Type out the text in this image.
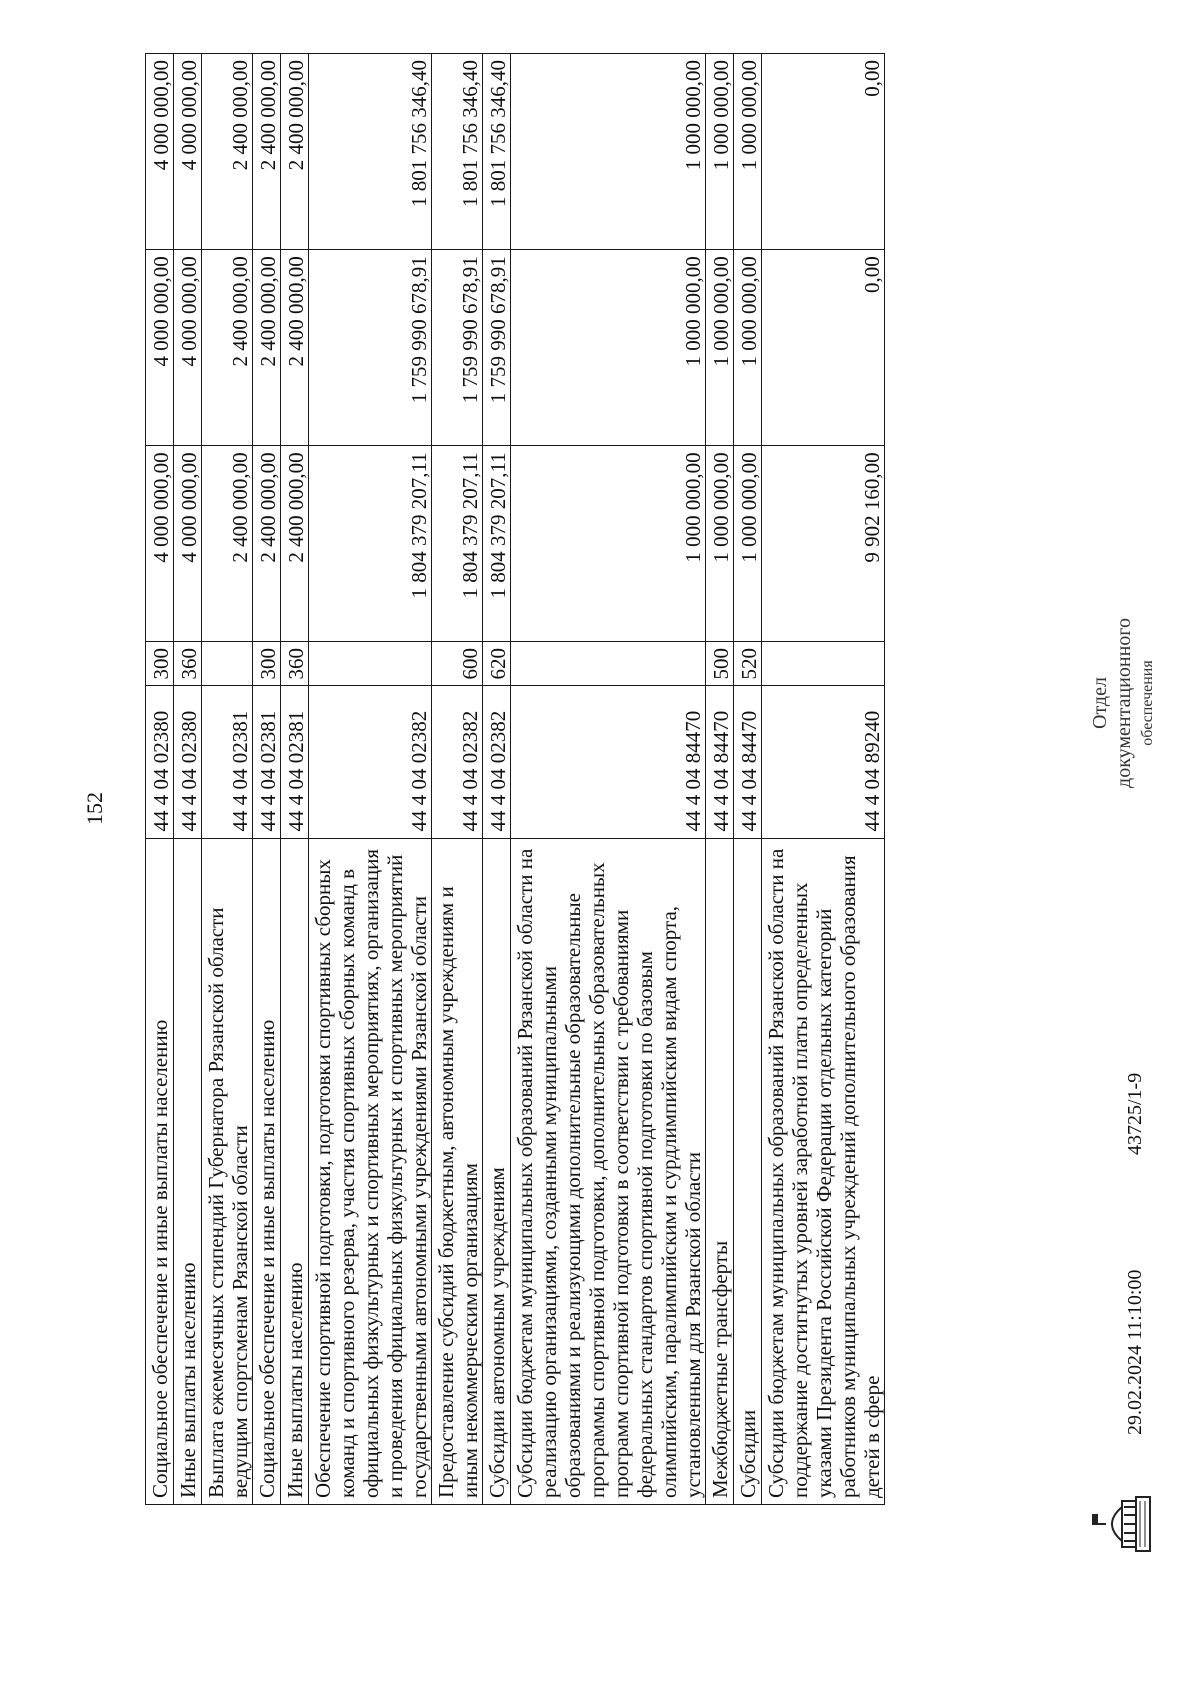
152
Социальное обеспечение и иные выплаты населению	44 4 04 02380	300	4 000 000,00	4 000 000,00	4 000 000,00
Иные выплаты населению	44 4 04 02380	360	4 000 000,00	4 000 000,00	4 000 000,00
Выплата ежемесячных стипендий Губернатора Рязанской области ведущим спортсменам Рязанской области	44 4 04 02381		2 400 000,00	2 400 000,00	2 400 000,00
Социальное обеспечение и иные выплаты населению	44 4 04 02381	300	2 400 000,00	2 400 000,00	2 400 000,00
Иные выплаты населению	44 4 04 02381	360	2 400 000,00	2 400 000,00	2 400 000,00
Обеспечение спортивной подготовки, подготовки спортивных сборных команд и спортивного резерва, участия спортивных сборных команд в официальных физкультурных и спортивных мероприятиях, организация и проведения официальных физкультурных и спортивных мероприятий государственными автономными учреждениями Рязанской области	44 4 04 02382		1 804 379 207,11	1 759 990 678,91	1 801 756 346,40
Предоставление субсидий бюджетным, автономным учреждениям и иным некоммерческим организациям	44 4 04 02382	600	1 804 379 207,11	1 759 990 678,91	1 801 756 346,40
Субсидии автономным учреждениям	44 4 04 02382	620	1 804 379 207,11	1 759 990 678,91	1 801 756 346,40
Субсидии бюджетам муниципальных образований Рязанской области на реализацию организациями, созданными муниципальными образованиями и реализующими дополнительные образовательные программы спортивной подготовки, дополнительных образовательных программ спортивной подготовки в соответствии с требованиями федеральных стандартов спортивной подготовки по базовым олимпийским, паралимпийским и сурдлимпийским видам спорта, установленным для Рязанской области	44 4 04 84470		1 000 000,00	1 000 000,00	1 000 000,00
Межбюджетные трансферты	44 4 04 84470	500	1 000 000,00	1 000 000,00	1 000 000,00
Субсидии	44 4 04 84470	520	1 000 000,00	1 000 000,00	1 000 000,00
Субсидии бюджетам муниципальных образований Рязанской области на поддержание достигнутых уровней заработной платы определенных указами Президента Российской Федерации отдельных категорий работников муниципальных учреждений дополнительного образования детей в сфере	44 4 04 89240		9 902 160,00	0,00	0,00
29.02.2024 11:10:00
43725/1-9
Отдел документационного обеспечения
